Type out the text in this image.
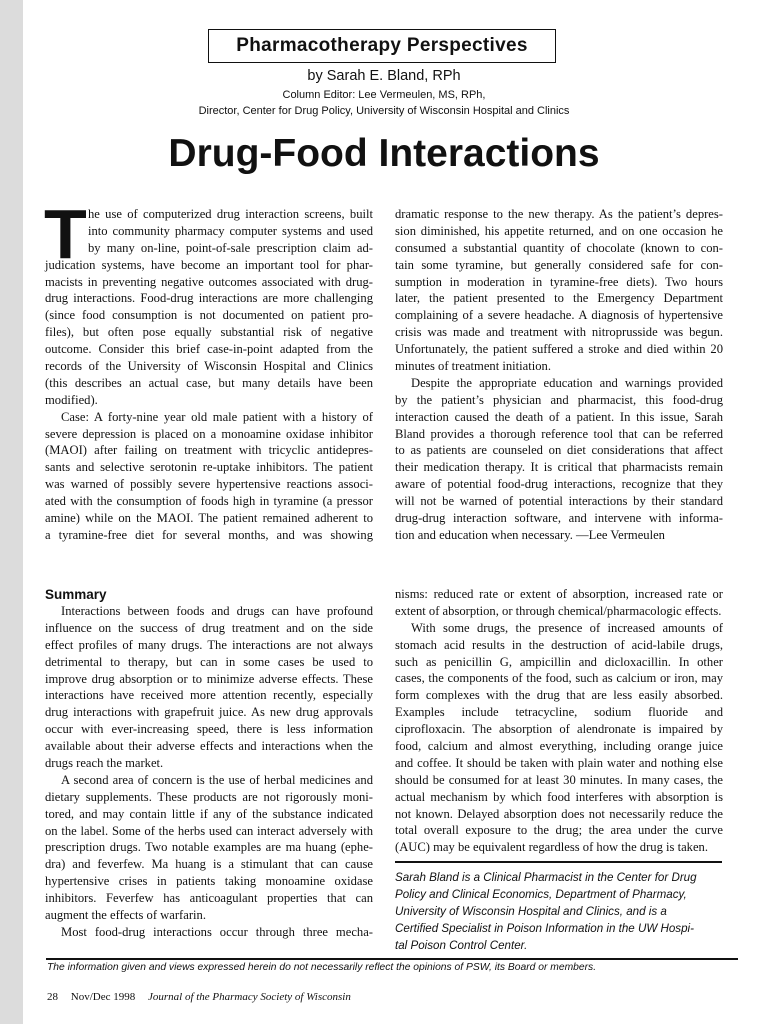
Pharmacotherapy Perspectives
by Sarah E. Bland, RPh
Column Editor: Lee Vermeulen, MS, RPh,
Director, Center for Drug Policy, University of Wisconsin Hospital and Clinics
Drug-Food Interactions
T he use of computerized drug interaction screens, built
into community pharmacy computer systems and used
by many on-line, point-of-sale prescription claim ad-
judication systems, have become an important tool for phar-
macists in preventing negative outcomes associated with drug-
drug interactions. Food-drug interactions are more challenging
(since food consumption is not documented on patient pro-
files), but often pose equally substantial risk of negative
outcome. Consider this brief case-in-point adapted from the
records of the University of Wisconsin Hospital and Clinics
(this describes an actual case, but many details have been
modified).
Case: A forty-nine year old male patient with a history of
severe depression is placed on a monoamine oxidase inhibitor
(MAOI) after failing on treatment with tricyclic antidepres-
sants and selective serotonin re-uptake inhibitors. The patient
was warned of possibly severe hypertensive reactions associ-
ated with the consumption of foods high in tyramine (a pressor
amine) while on the MAOI. The patient remained adherent to
a tyramine-free diet for several months, and was showing
dramatic response to the new therapy. As the patient’s depres-
sion diminished, his appetite returned, and on one occasion he
consumed a substantial quantity of chocolate (known to con-
tain some tyramine, but generally considered safe for con-
sumption in moderation in tyramine-free diets). Two hours
later, the patient presented to the Emergency Department
complaining of a severe headache. A diagnosis of hypertensive
crisis was made and treatment with nitroprusside was begun.
Unfortunately, the patient suffered a stroke and died within 20
minutes of treatment initiation.
Despite the appropriate education and warnings provided
by the patient’s physician and pharmacist, this food-drug
interaction caused the death of a patient. In this issue, Sarah
Bland provides a thorough reference tool that can be referred
to as patients are counseled on diet considerations that affect
their medication therapy. It is critical that pharmacists remain
aware of potential food-drug interactions, recognize that they
will not be warned of potential interactions by their standard
drug-drug interaction software, and intervene with informa-
tion and education when necessary. —Lee Vermeulen
Summary
Interactions between foods and drugs can have profound
influence on the success of drug treatment and on the side
effect profiles of many drugs. The interactions are not always
detrimental to therapy, but can in some cases be used to
improve drug absorption or to minimize adverse effects. These
interactions have received more attention recently, especially
drug interactions with grapefruit juice. As new drug approvals
occur with ever-increasing speed, there is less information
available about their adverse effects and interactions when the
drugs reach the market.
A second area of concern is the use of herbal medicines and
dietary supplements. These products are not rigorously moni-
tored, and may contain little if any of the substance indicated
on the label. Some of the herbs used can interact adversely with
prescription drugs. Two notable examples are ma huang (ephe-
dra) and feverfew. Ma huang is a stimulant that can cause
hypertensive crises in patients taking monoamine oxidase
inhibitors. Feverfew has anticoagulant properties that can
augment the effects of warfarin.
Most food-drug interactions occur through three mecha-
nisms: reduced rate or extent of absorption, increased rate or
extent of absorption, or through chemical/pharmacologic effects.
With some drugs, the presence of increased amounts of
stomach acid results in the destruction of acid-labile drugs,
such as penicillin G, ampicillin and dicloxacillin. In other
cases, the components of the food, such as calcium or iron, may
form complexes with the drug that are less easily absorbed.
Examples include tetracycline, sodium fluoride and
ciprofloxacin. The absorption of alendronate is impaired by
food, calcium and almost everything, including orange juice
and coffee. It should be taken with plain water and nothing else
should be consumed for at least 30 minutes. In many cases, the
actual mechanism by which food interferes with absorption is
not known. Delayed absorption does not necessarily reduce the
total overall exposure to the drug; the area under the curve
(AUC) may be equivalent regardless of how the drug is taken.
Sarah Bland is a Clinical Pharmacist in the Center for Drug
Policy and Clinical Economics, Department of Pharmacy,
University of Wisconsin Hospital and Clinics, and is a
Certified Specialist in Poison Information in the UW Hospi-
tal Poison Control Center.
The information given and views expressed herein do not necessarily reflect the opinions of PSW, its Board or members.
28 Nov/Dec 1998 Journal of the Pharmacy Society of Wisconsin
